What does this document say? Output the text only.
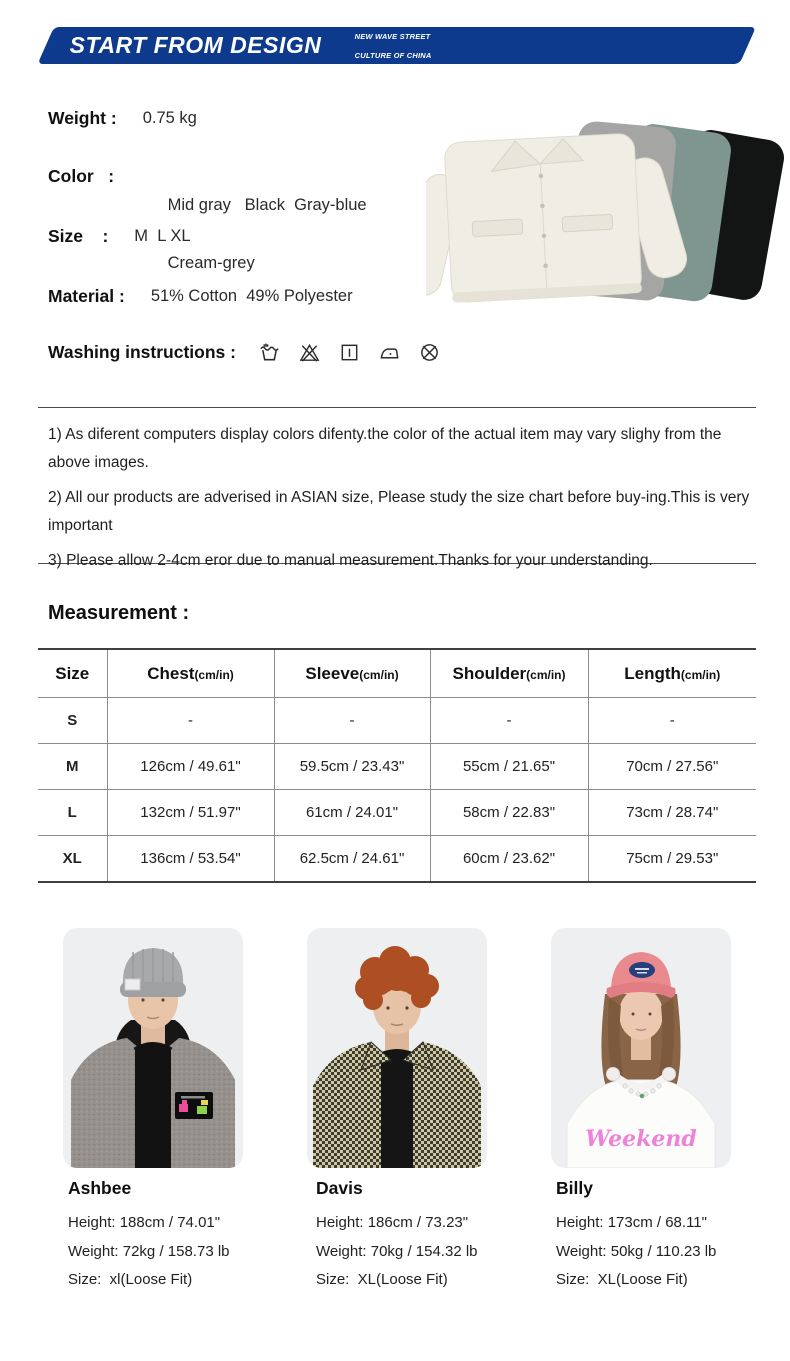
START FROM DESIGN	NEW WAVE STREET

CULTURE OF CHINA

Weight : 0.75 kg
Color   :

Mid gray   Black  Gray-blue

Cream-grey

Size    : M  L XL
Material : 51% Cotton  49% Polyester
Washing instructions :
1) As diferent computers display colors difenty.the color of the actual item may vary slighy from the above images.
2) All our products are adverised in ASIAN size, Please study the size chart before buy-ing.This is very important
3) Please allow 2-4cm eror due to manual measurement.Thanks for your understanding.
Measurement :
Size	Chest(cm/in)	Sleeve(cm/in)	Shoulder(cm/in)	Length(cm/in)
S	-	-	-	-
M	126cm / 49.61"	59.5cm / 23.43"	55cm / 21.65"	70cm / 27.56"
L	132cm / 51.97"	61cm / 24.01"	58cm / 22.83"	73cm / 28.74"
XL	136cm / 53.54"	62.5cm / 24.61"	60cm / 23.62"	75cm / 29.53"
Weekend
Ashbee
Height: 188cm / 74.01"
Weight: 72kg / 158.73 lb
Size:  xl(Loose Fit)
Davis
Height: 186cm / 73.23"
Weight: 70kg / 154.32 lb
Size:  XL(Loose Fit)
Billy
Height: 173cm / 68.11"
Weight: 50kg / 110.23 lb
Size:  XL(Loose Fit)
